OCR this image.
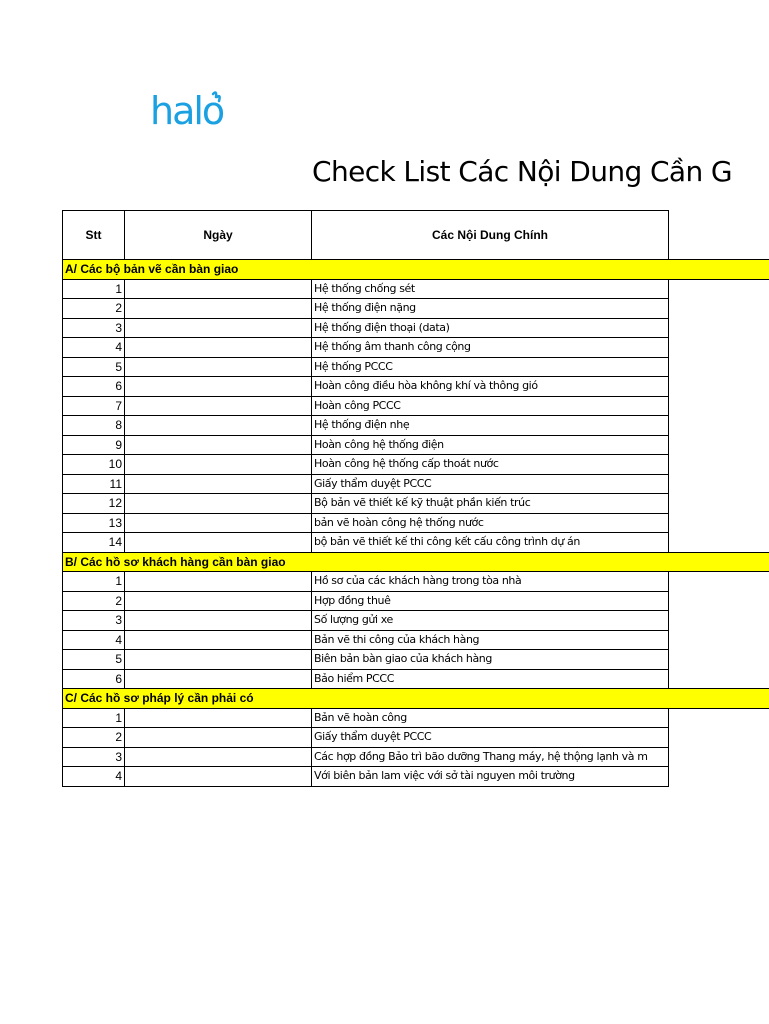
halo
Check List Các Nội Dung Cần G
Stt	Ngày	Các Nội Dung Chính	
A/ Các bộ bản vẽ cần bàn giao			
1		Hệ thống chống sét	
2		Hệ thống điện nặng	
3		Hệ thống điện thoại (data)	
4		Hệ thống âm thanh công cộng	
5		Hệ thống PCCC	
6		Hoàn công điều hòa không khí và thông gió	
7		Hoàn công PCCC	
8		Hệ thống điện nhẹ	
9		Hoàn công hệ thống điện	
10		Hoàn công hệ thống cấp thoát nước	
11		Giấy thẩm duyệt PCCC	
12		Bộ bản vẽ thiết kế kỹ thuật phần kiến trúc	
13		bản vẽ hoàn công hệ thống nước	
14		bộ bản vẽ thiết kế thi công kết cấu công trình dự án	
B/ Các hồ sơ khách hàng cần bàn giao			
1		Hồ sơ của các khách hàng trong tòa nhà	
2		Hợp đồng thuê	
3		Số lượng gửi xe	
4		Bản vẽ thi công của khách hàng	
5		Biên bản bàn giao của khách hàng	
6		Bảo hiểm PCCC	
C/ Các hồ sơ pháp lý cần phải có			
1		Bản vẽ hoàn công	
2		Giấy thẩm duyệt PCCC	
3		Các hợp đồng Bảo trì bão dưỡng Thang máy, hệ thộng lạnh và m	
4		Với biên bản lam việc với sở tài nguyen môi trường	
